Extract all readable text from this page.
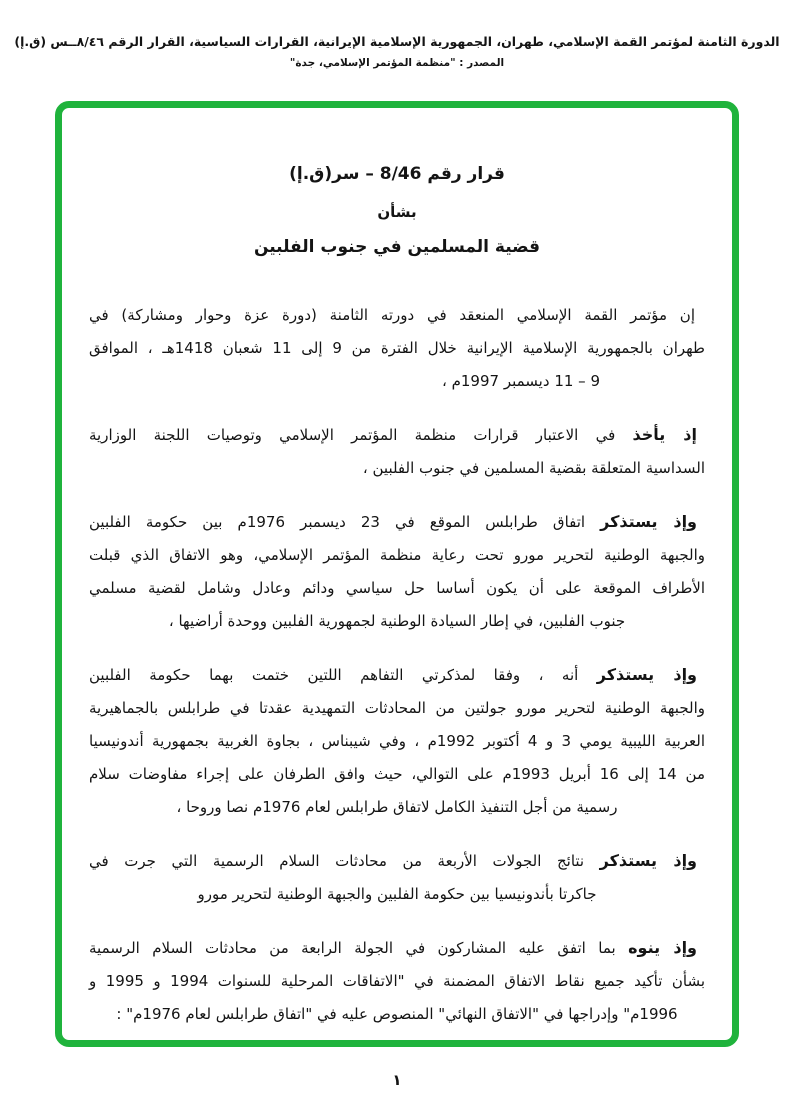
الدورة الثامنة لمؤتمر القمة الإسلامي، طهران، الجمهورية الإسلامية الإيرانية، القرارات السياسية، القرار الرقم ٨/٤٦ــس (ق.إ)
المصدر : "منظمة المؤتمر الإسلامي، جدة"
قرار رقم 8/46 – سر(ق.إ)
بشأن
قضية المسلمين في جنوب الفلبين
إن مؤتمر القمة الإسلامي المنعقد في دورته الثامنة (دورة عزة وحوار ومشاركة) في
طهران بالجمهورية الإسلامية الإيرانية خلال الفترة من 9 إلى 11 شعبان 1418هـ ، الموافق
9 – 11 ديسمبر 1997م ،
إذ يأخذ في الاعتبار قرارات منظمة المؤتمر الإسلامي وتوصيات اللجنة الوزارية
السداسية المتعلقة بقضية المسلمين في جنوب الفلبين ،
وإذ يستذكر اتفاق طرابلس الموقع في 23 ديسمبر 1976م بين حكومة الفلبين
والجبهة الوطنية لتحرير مورو تحت رعاية منظمة المؤتمر الإسلامي، وهو الاتفاق الذي قبلت
الأطراف الموقعة على أن يكون أساسا حل سياسي ودائم وعادل وشامل لقضية مسلمي
جنوب الفلبين، في إطار السيادة الوطنية لجمهورية الفلبين ووحدة أراضيها ،
وإذ يستذكر أنه ، وفقا لمذكرتي التفاهم اللتين ختمت بهما حكومة الفلبين
والجبهة الوطنية لتحرير مورو جولتين من المحادثات التمهيدية عقدتا في طرابلس بالجماهيرية
العربية الليبية يومي 3 و 4 أكتوبر 1992م ، وفي شيبناس ، بجاوة الغربية بجمهورية أندونيسيا
من 14 إلى 16 أبريل 1993م على التوالي، حيث وافق الطرفان على إجراء مفاوضات سلام
رسمية من أجل التنفيذ الكامل لاتفاق طرابلس لعام 1976م نصا وروحا ،
وإذ يستذكر نتائج الجولات الأربعة من محادثات السلام الرسمية التي جرت في
جاكرتا بأندونيسيا بين حكومة الفلبين والجبهة الوطنية لتحرير مورو
وإذ ينوه بما اتفق عليه المشاركون في الجولة الرابعة من محادثات السلام الرسمية
بشأن تأكيد جميع نقاط الاتفاق المضمنة في "الاتفاقات المرحلية للسنوات 1994 و 1995 و
1996م" وإدراجها في "الاتفاق النهائي" المنصوص عليه في "اتفاق طرابلس لعام 1976م" :
١
